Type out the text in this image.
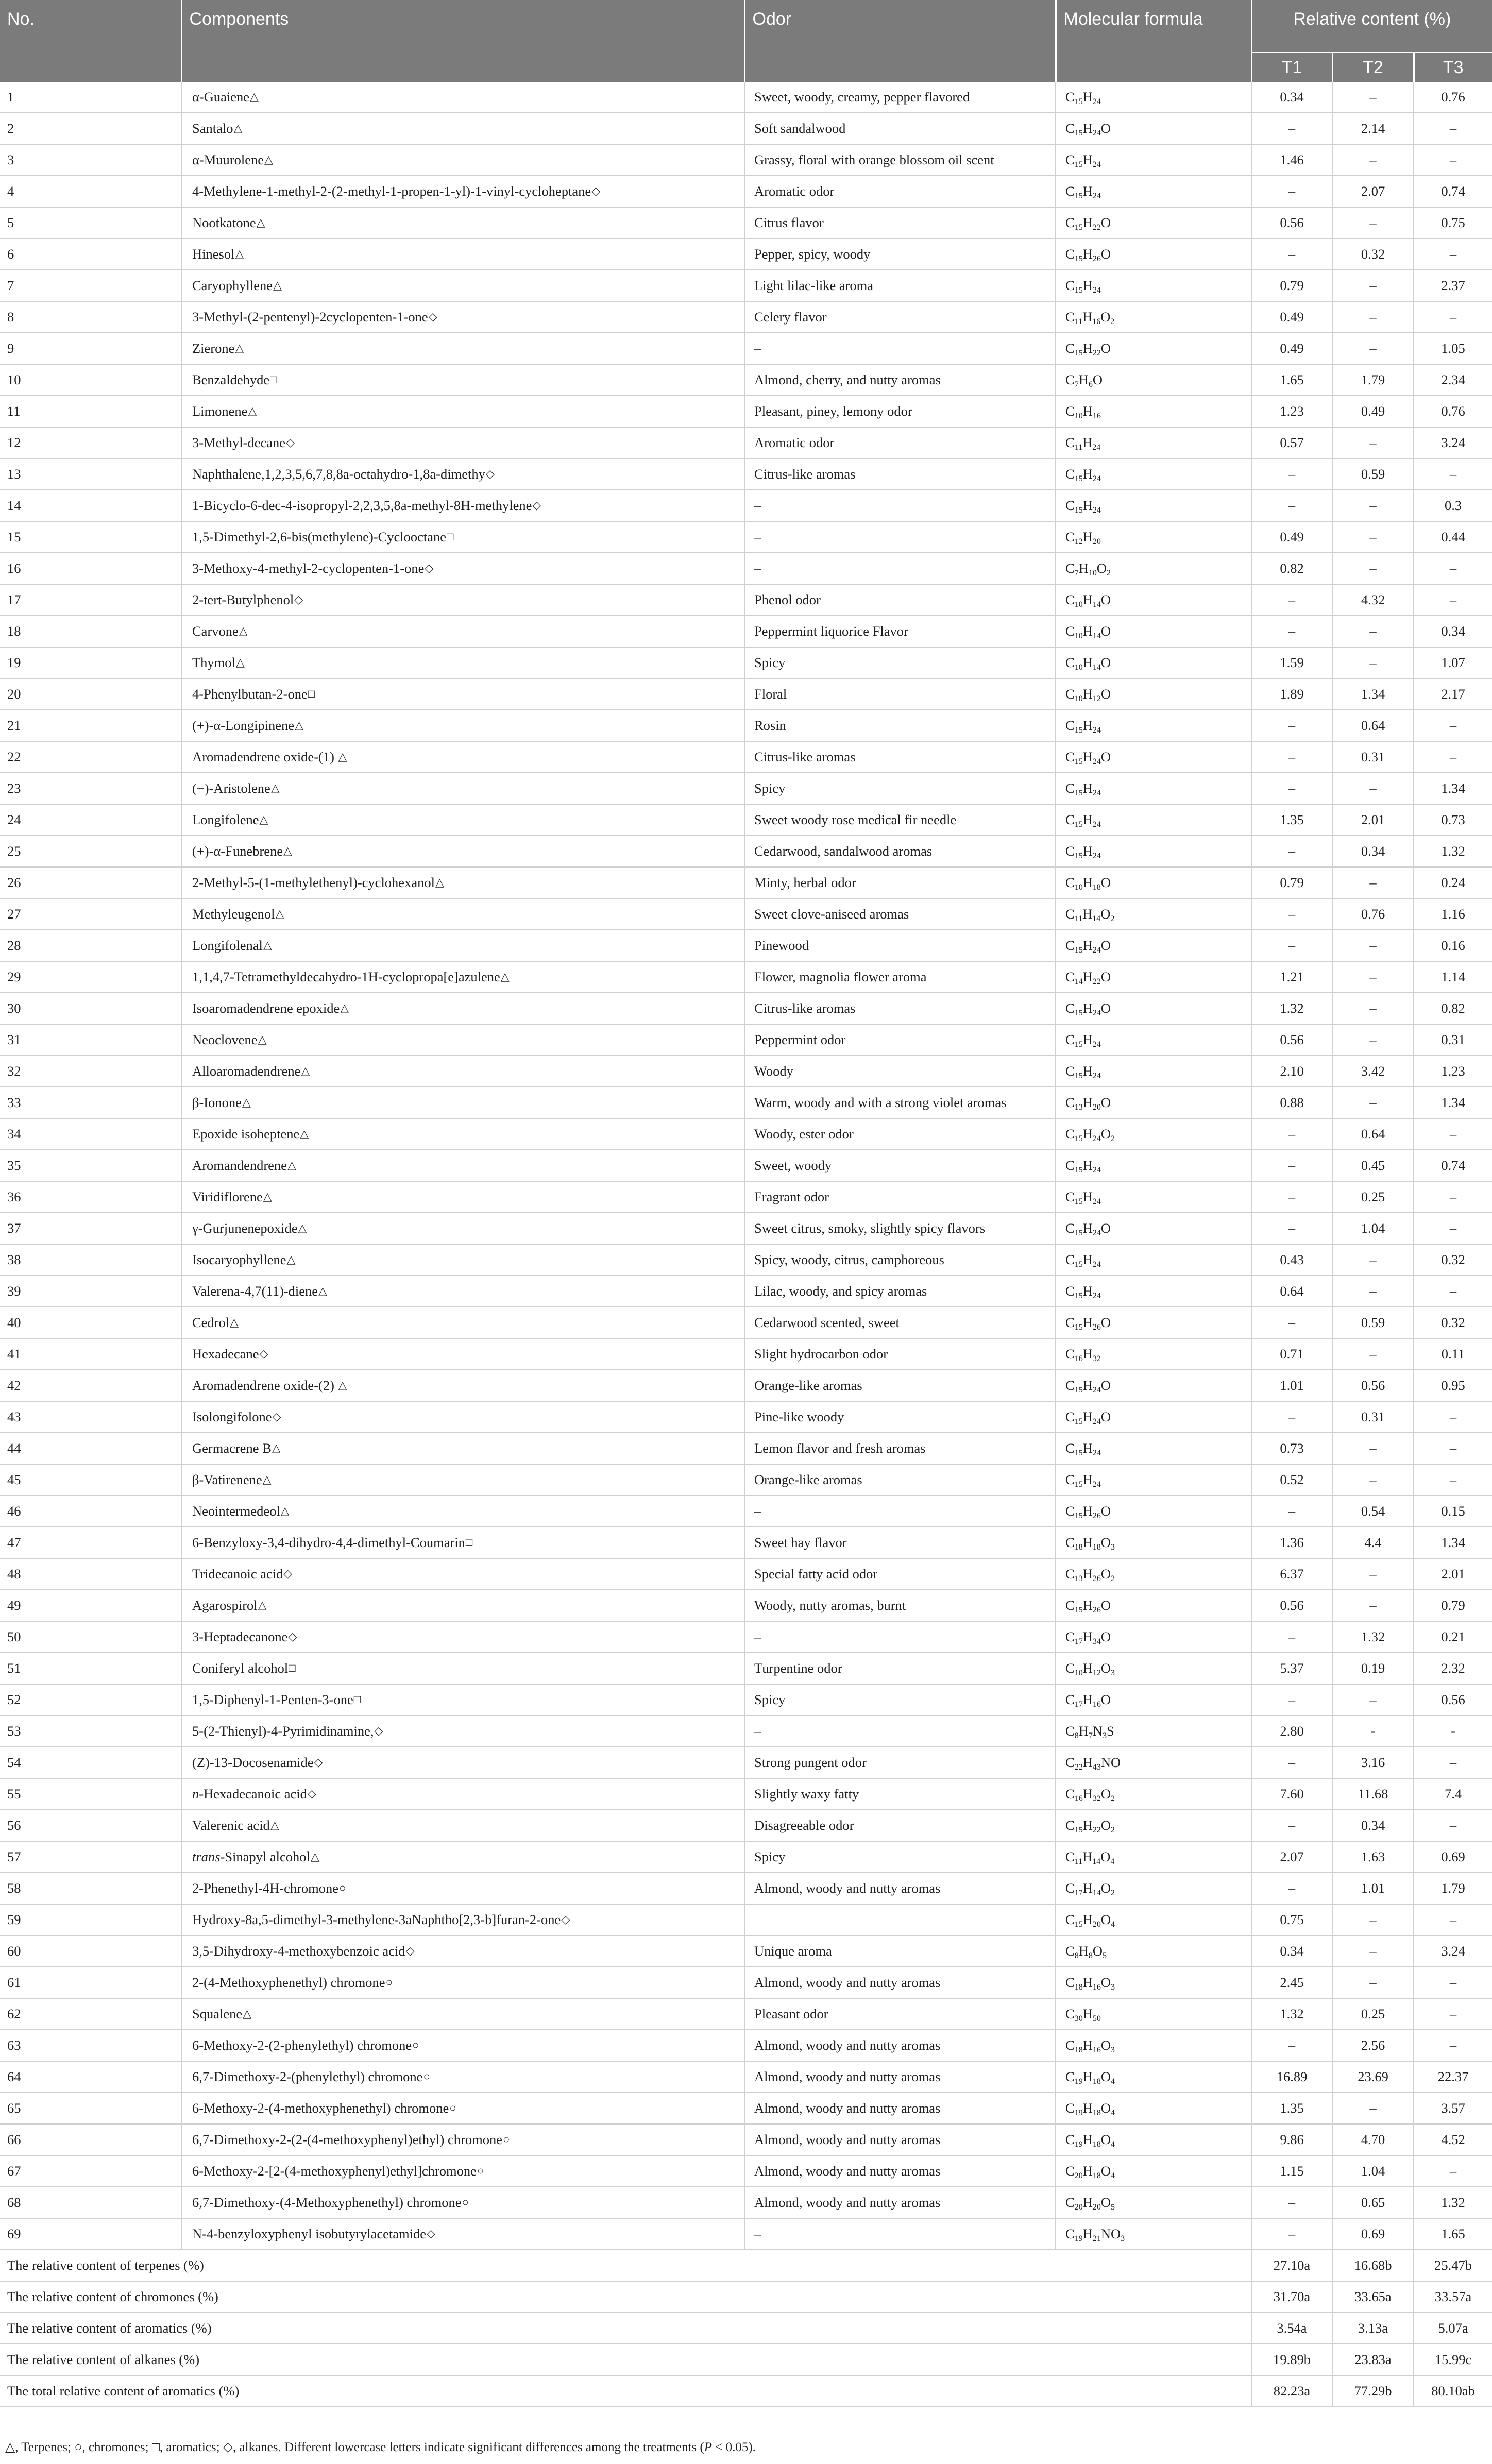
No.	Components	Odor	Molecular formula	Relative content (%)		
				T1	T2	T3
1	α-Guaiene△	Sweet, woody, creamy, pepper flavored	$C_{15}H_{24}$	0.34	–	0.76
2	Santalo△	Soft sandalwood	$C_{15}H_{24}O$	–	2.14	–
3	α-Muurolene△	Grassy, floral with orange blossom oil scent	$C_{15}H_{24}$	1.46	–	–
4	4-Methylene-1-methyl-2-(2-methyl-1-propen-1-yl)-1-vinyl-cycloheptane◇	Aromatic odor	$C_{15}H_{24}$	–	2.07	0.74
5	Nootkatone△	Citrus flavor	$C_{15}H_{22}O$	0.56	–	0.75
6	Hinesol△	Pepper, spicy, woody	$C_{15}H_{26}O$	–	0.32	–
7	Caryophyllene△	Light lilac-like aroma	$C_{15}H_{24}$	0.79	–	2.37
8	3-Methyl-(2-pentenyl)-2cyclopenten-1-one◇	Celery flavor	$C_{11}H_{16}O_2$	0.49	–	–
9	Zierone△	–	$C_{15}H_{22}O$	0.49	–	1.05
10	Benzaldehyde□	Almond, cherry, and nutty aromas	$C_7H_6O$	1.65	1.79	2.34
11	Limonene△	Pleasant, piney, lemony odor	$C_{10}H_{16}$	1.23	0.49	0.76
12	3-Methyl-decane◇	Aromatic odor	$C_{11}H_{24}$	0.57	–	3.24
13	Naphthalene,1,2,3,5,6,7,8,8a-octahydro-1,8a-dimethy◇	Citrus-like aromas	$C_{15}H_{24}$	–	0.59	–
14	1-Bicyclo-6-dec-4-isopropyl-2,2,3,5,8a-methyl-8H-methylene◇	–	$C_{15}H_{24}$	–	–	0.3
15	1,5-Dimethyl-2,6-bis(methylene)-Cyclooctane□	–	$C_{12}H_{20}$	0.49	–	0.44
16	3-Methoxy-4-methyl-2-cyclopenten-1-one◇	–	$C_7H_{10}O_2$	0.82	–	–
17	2-tert-Butylphenol◇	Phenol odor	$C_{10}H_{14}O$	–	4.32	–
18	Carvone△	Peppermint liquorice Flavor	$C_{10}H_{14}O$	–	–	0.34
19	Thymol△	Spicy	$C_{10}H_{14}O$	1.59	–	1.07
20	4-Phenylbutan-2-one□	Floral	$C_{10}H_{12}O$	1.89	1.34	2.17
21	(+)-α-Longipinene△	Rosin	$C_{15}H_{24}$	–	0.64	–
22	Aromadendrene oxide-(1) △	Citrus-like aromas	$C_{15}H_{24}O$	–	0.31	–
23	(−)-Aristolene△	Spicy	$C_{15}H_{24}$	–	–	1.34
24	Longifolene△	Sweet woody rose medical fir needle	$C_{15}H_{24}$	1.35	2.01	0.73
25	(+)-α-Funebrene△	Cedarwood, sandalwood aromas	$C_{15}H_{24}$	–	0.34	1.32
26	2-Methyl-5-(1-methylethenyl)-cyclohexanol△	Minty, herbal odor	$C_{10}H_{18}O$	0.79	–	0.24
27	Methyleugenol△	Sweet clove-aniseed aromas	$C_{11}H_{14}O_2$	–	0.76	1.16
28	Longifolenal△	Pinewood	$C_{15}H_{24}O$	–	–	0.16
29	1,1,4,7-Tetramethyldecahydro-1H-cyclopropa[e]azulene△	Flower, magnolia flower aroma	$C_{14}H_{22}O$	1.21	–	1.14
30	Isoaromadendrene epoxide△	Citrus-like aromas	$C_{15}H_{24}O$	1.32	–	0.82
31	Neoclovene△	Peppermint odor	$C_{15}H_{24}$	0.56	–	0.31
32	Alloaromadendrene△	Woody	$C_{15}H_{24}$	2.10	3.42	1.23
33	β-Ionone△	Warm, woody and with a strong violet aromas	$C_{13}H_{20}O$	0.88	–	1.34
34	Epoxide isoheptene△	Woody, ester odor	$C_{15}H_{24}O_2$	–	0.64	–
35	Aromandendrene△	Sweet, woody	$C_{15}H_{24}$	–	0.45	0.74
36	Viridiflorene△	Fragrant odor	$C_{15}H_{24}$	–	0.25	–
37	γ-Gurjunenepoxide△	Sweet citrus, smoky, slightly spicy flavors	$C_{15}H_{24}O$	–	1.04	–
38	Isocaryophyllene△	Spicy, woody, citrus, camphoreous	$C_{15}H_{24}$	0.43	–	0.32
39	Valerena-4,7(11)-diene△	Lilac, woody, and spicy aromas	$C_{15}H_{24}$	0.64	–	–
40	Cedrol△	Cedarwood scented, sweet	$C_{15}H_{26}O$	–	0.59	0.32
41	Hexadecane◇	Slight hydrocarbon odor	$C_{16}H_{32}$	0.71	–	0.11
42	Aromadendrene oxide-(2) △	Orange-like aromas	$C_{15}H_{24}O$	1.01	0.56	0.95
43	Isolongifolone◇	Pine-like woody	$C_{15}H_{24}O$	–	0.31	–
44	Germacrene B△	Lemon flavor and fresh aromas	$C_{15}H_{24}$	0.73	–	–
45	β-Vatirenene△	Orange-like aromas	$C_{15}H_{24}$	0.52	–	–
46	Neointermedeol△	–	$C_{15}H_{26}O$	–	0.54	0.15
47	6-Benzyloxy-3,4-dihydro-4,4-dimethyl-Coumarin□	Sweet hay flavor	$C_{18}H_{18}O_3$	1.36	4.4	1.34
48	Tridecanoic acid◇	Special fatty acid odor	$C_{13}H_{26}O_2$	6.37	–	2.01
49	Agarospirol△	Woody, nutty aromas, burnt	$C_{15}H_{26}O$	0.56	–	0.79
50	3-Heptadecanone◇	–	$C_{17}H_{34}O$	–	1.32	0.21
51	Coniferyl alcohol□	Turpentine odor	$C_{10}H_{12}O_3$	5.37	0.19	2.32
52	1,5-Diphenyl-1-Penten-3-one□	Spicy	$C_{17}H_{16}O$	–	–	0.56
53	5-(2-Thienyl)-4-Pyrimidinamine,◇	–	$C_8H_7N_3S$	2.80	-	-
54	(Z)-13-Docosenamide◇	Strong pungent odor	$C_{22}H_{43}NO$	–	3.16	–
55	n-Hexadecanoic acid◇	Slightly waxy fatty	$C_{16}H_{32}O_2$	7.60	11.68	7.4
56	Valerenic acid△	Disagreeable odor	$C_{15}H_{22}O_2$	–	0.34	–
57	trans-Sinapyl alcohol△	Spicy	$C_{11}H_{14}O_4$	2.07	1.63	0.69
58	2-Phenethyl-4H-chromone○	Almond, woody and nutty aromas	$C_{17}H_{14}O_2$	–	1.01	1.79
59	Hydroxy-8a,5-dimethyl-3-methylene-3aNaphtho[2,3-b]furan-2-one◇		$C_{15}H_{20}O_4$	0.75	–	–
60	3,5-Dihydroxy-4-methoxybenzoic acid◇	Unique aroma	$C_8H_8O_5$	0.34	–	3.24
61	2-(4-Methoxyphenethyl) chromone○	Almond, woody and nutty aromas	$C_{18}H_{16}O_3$	2.45	–	–
62	Squalene△	Pleasant odor	$C_{30}H_{50}$	1.32	0.25	–
63	6-Methoxy-2-(2-phenylethyl) chromone○	Almond, woody and nutty aromas	$C_{18}H_{16}O_3$	–	2.56	–
64	6,7-Dimethoxy-2-(phenylethyl) chromone○	Almond, woody and nutty aromas	$C_{19}H_{18}O_4$	16.89	23.69	22.37
65	6-Methoxy-2-(4-methoxyphenethyl) chromone○	Almond, woody and nutty aromas	$C_{19}H_{18}O_4$	1.35	–	3.57
66	6,7-Dimethoxy-2-(2-(4-methoxyphenyl)ethyl) chromone○	Almond, woody and nutty aromas	$C_{19}H_{18}O_4$	9.86	4.70	4.52
67	6-Methoxy-2-[2-(4-methoxyphenyl)ethyl]chromone○	Almond, woody and nutty aromas	$C_{20}H_{18}O_4$	1.15	1.04	–
68	6,7-Dimethoxy-(4-Methoxyphenethyl) chromone○	Almond, woody and nutty aromas	$C_{20}H_{20}O_5$	–	0.65	1.32
69	N-4-benzyloxyphenyl isobutyrylacetamide◇	–	$C_{19}H_{21}NO_3$	–	0.69	1.65
The relative content of terpenes (%)				27.10a	16.68b	25.47b
The relative content of chromones (%)				31.70a	33.65a	33.57a
The relative content of aromatics (%)				3.54a	3.13a	5.07a
The relative content of alkanes (%)				19.89b	23.83a	15.99c
The total relative content of aromatics (%)				82.23a	77.29b	80.10ab
△, Terpenes; ○, chromones; □, aromatics; ◇, alkanes. Different lowercase letters indicate significant differences among the treatments (P < 0.05).
